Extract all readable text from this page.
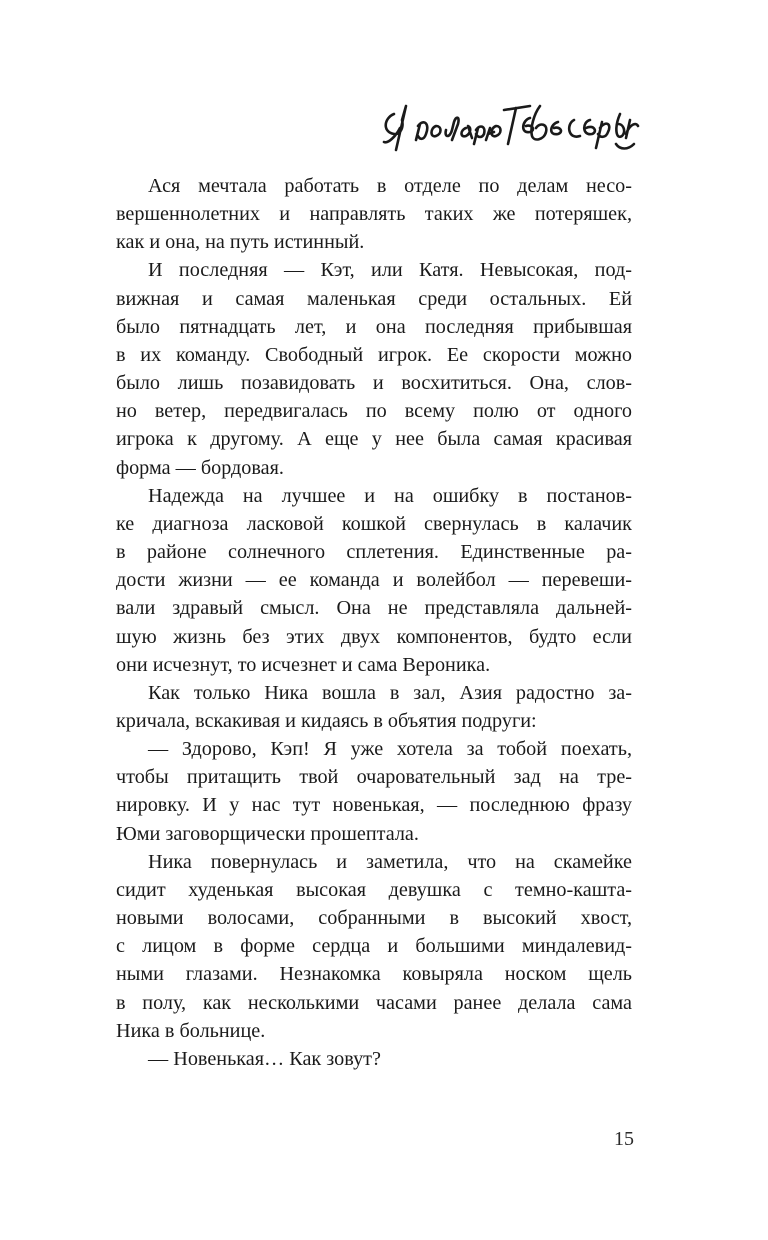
Ася мечтала работать в отделе по делам несо-
вершеннолетних и направлять таких же потеряшек,
как и она, на путь истинный.

И последняя — Кэт, или Катя. Невысокая, под-
вижная и самая маленькая среди остальных. Ей
было пятнадцать лет, и она последняя прибывшая
в их команду. Свободный игрок. Ее скорости можно
было лишь позавидовать и восхититься. Она, слов-
но ветер, передвигалась по всему полю от одного
игрока к другому. А еще у нее была самая красивая
форма — бордовая.

Надежда на лучшее и на ошибку в постанов-
ке диагноза ласковой кошкой свернулась в калачик
в районе солнечного сплетения. Единственные ра-
дости жизни — ее команда и волейбол — перевеши-
вали здравый смысл. Она не представляла дальней-
шую жизнь без этих двух компонентов, будто если
они исчезнут, то исчезнет и сама Вероника.

Как только Ника вошла в зал, Азия радостно за-
кричала, вскакивая и кидаясь в объятия подруги:

— Здорово, Кэп! Я уже хотела за тобой поехать,
чтобы притащить твой очаровательный зад на тре-
нировку. И у нас тут новенькая, — последнюю фразу
Юми заговорщически прошептала.

Ника повернулась и заметила, что на скамейке
сидит худенькая высокая девушка с темно-кашта-
новыми волосами, собранными в высокий хвост,
с лицом в форме сердца и большими миндалевид-
ными глазами. Незнакомка ковыряла носком щель
в полу, как несколькими часами ранее делала сама
Ника в больнице.

— Новенькая… Как зовут?

15
